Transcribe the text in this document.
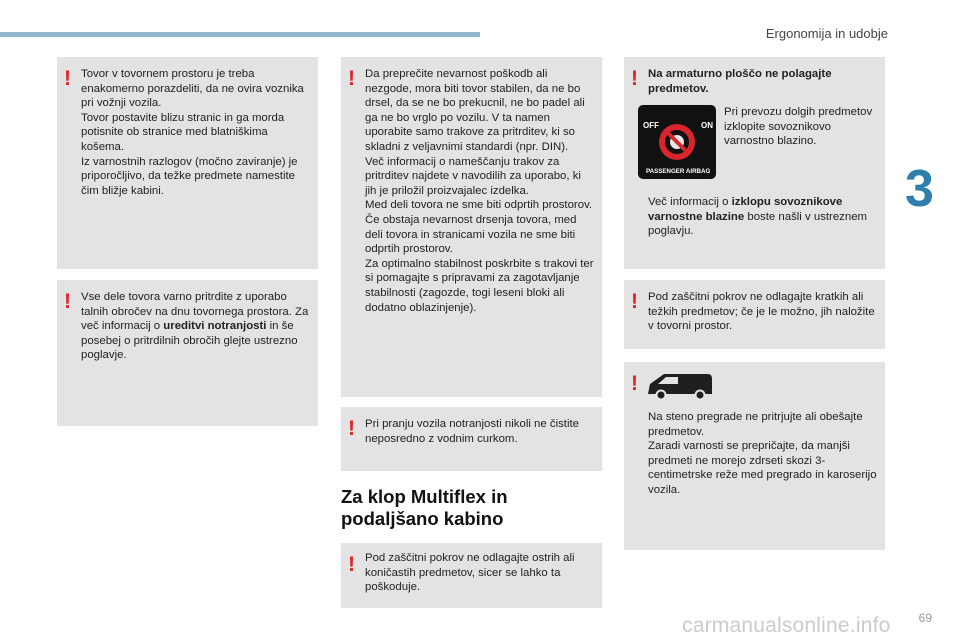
Ergonomija in udobje
3
! Tovor v tovornem prostoru je treba enakomerno porazdeliti, da ne ovira voznika pri vožnji vozila.

Tovor postavite blizu stranic in ga morda potisnite ob stranice med blatniškima košema.

Iz varnostnih razlogov (močno zaviranje) je priporočljivo, da težke predmete namestite čim bližje kabini.

! Vse dele tovora varno pritrdite z uporabo talnih obročev na dnu tovornega prostora. Za več informacij o ureditvi notranjosti in še posebej o pritrdilnih obročih glejte ustrezno poglavje.
! Da preprečite nevarnost poškodb ali nezgode, mora biti tovor stabilen, da ne bo drsel, da se ne bo prekucnil, ne bo padel ali ga ne bo vrglo po vozilu. V ta namen uporabite samo trakove za pritrditev, ki so skladni z veljavnimi standardi (npr. DIN).

Več informacij o nameščanju trakov za pritrditev najdete v navodilih za uporabo, ki jih je priložil proizvajalec izdelka.

Med deli tovora ne sme biti odprtih prostorov.

Če obstaja nevarnost drsenja tovora, med deli tovora in stranicami vozila ne sme biti odprtih prostorov.

Za optimalno stabilnost poskrbite s trakovi ter si pomagajte s pripravami za zagotavljanje stabilnosti (zagozde, togi leseni bloki ali dodatno oblazinjenje).

! Pri pranju vozila notranjosti nikoli ne čistite neposredno z vodnim curkom.
Za klop Multiflex in podaljšano kabino
! Pod zaščitni pokrov ne odlagajte ostrih ali koničastih predmetov, sicer se lahko ta poškoduje.
! Na armaturno ploščo ne polagajte predmetov.
OFF	ON
PASSENGER AIRBAG
Pri prevozu dolgih predmetov izklopite sovoznikovo varnostno blazino.
Več informacij o izklopu sovoznikove varnostne blazine boste našli v ustreznem poglavju.
! Pod zaščitni pokrov ne odlagajte kratkih ali težkih predmetov; če je le možno, jih naložite v tovorni prostor.
!

Na steno pregrade ne pritrjujte ali obešajte predmetov.

Zaradi varnosti se prepričajte, da manjši predmeti ne morejo zdrseti skozi 3-centimetrske reže med pregrado in karoserijo vozila.

69
carmanualsonline.info
